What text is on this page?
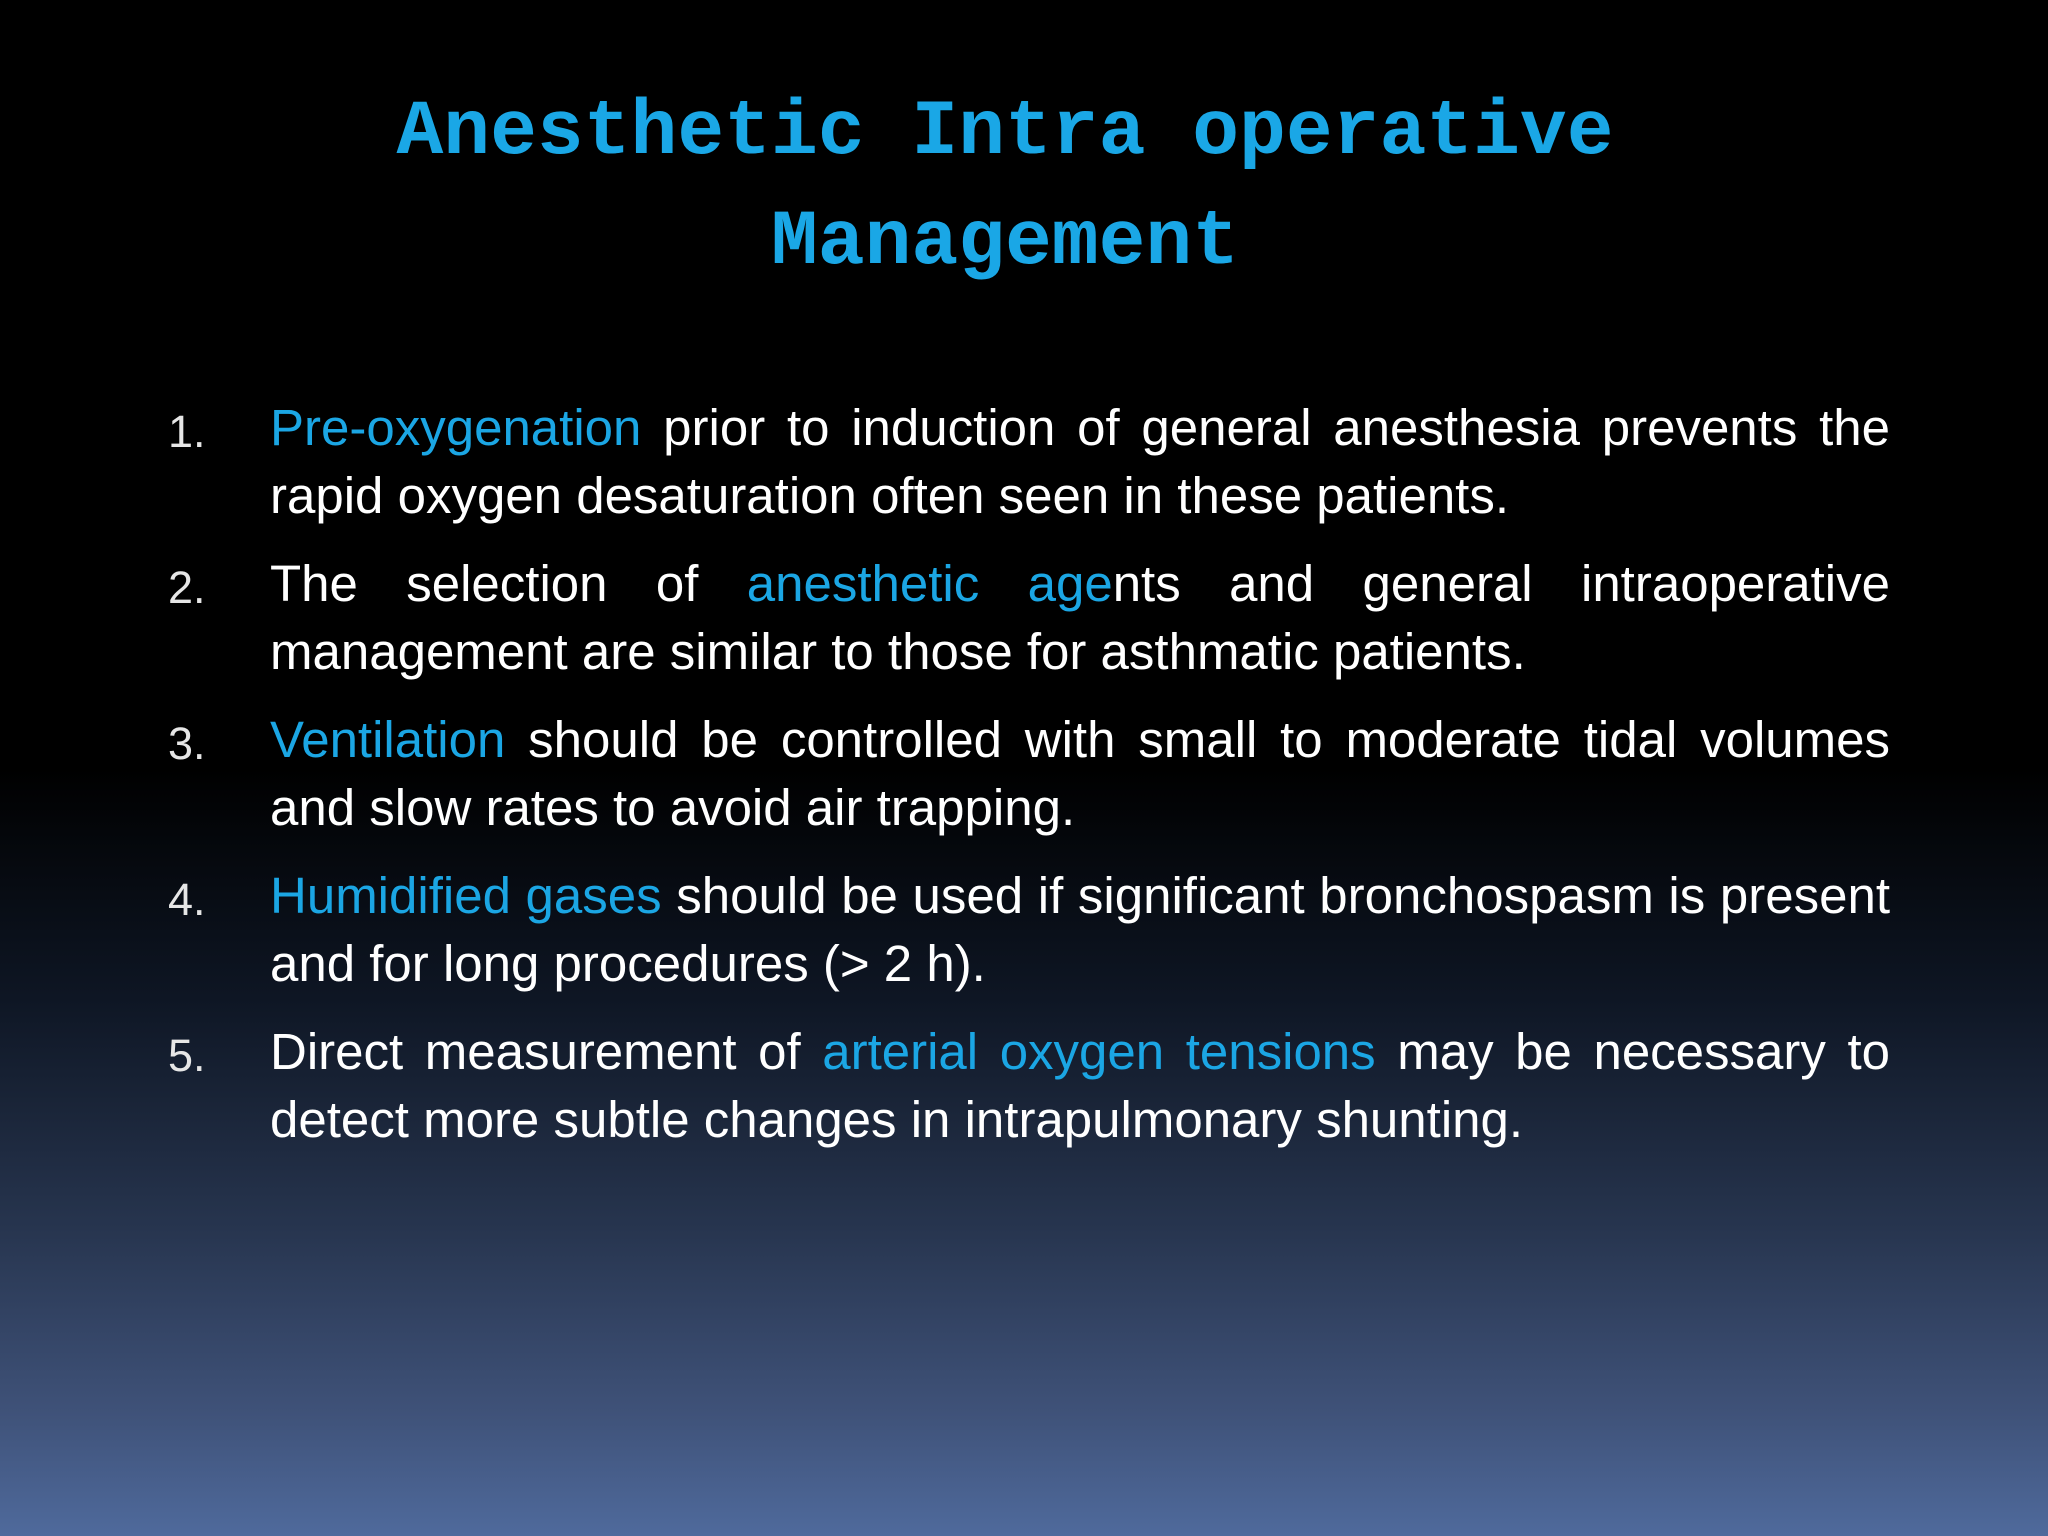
Anesthetic Intra operative
Management
1. Pre-oxygenation prior to induction of general anesthesia prevents the rapid oxygen desaturation often seen in these patients.
2. The selection of anesthetic agents and general intraoperative management are similar to those for asthmatic patients.
3. Ventilation should be controlled with small to moderate tidal volumes and slow rates to avoid air trapping.
4. Humidified gases should be used if significant bronchospasm is present and for long procedures (> 2 h).
5. Direct measurement of arterial oxygen tensions may be necessary to detect more subtle changes in intrapulmonary shunting.
